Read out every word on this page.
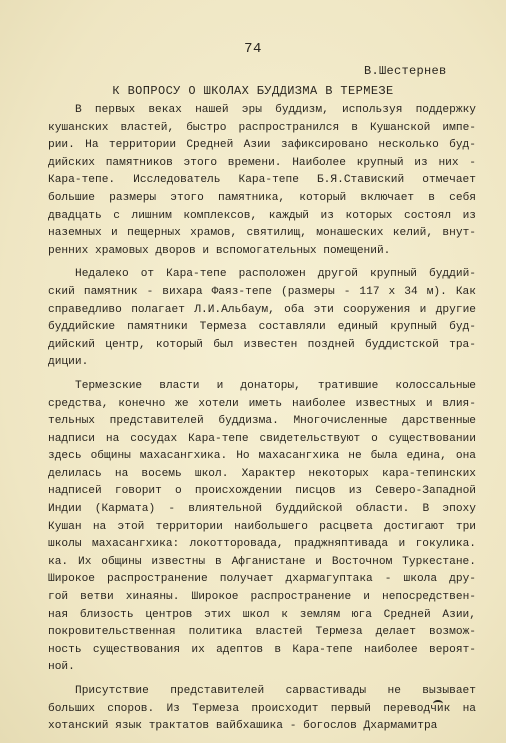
74
В.Шестернев
К ВОПРОСУ О ШКОЛАХ БУДДИЗМА В ТЕРМЕЗЕ
В первых веках нашей эры буддизм, используя поддержку
кушанских властей, быстро распространился в Кушанской импе-
рии. На территории Средней Азии зафиксировано несколько буд-
дийских памятников этого времени. Наиболее крупный из них -
Кара-тепе. Исследователь Кара-тепе Б.Я.Ставиский отмечает
большие размеры этого памятника, который включает в себя
двадцать с лишним комплексов, каждый из которых состоял из
наземных и пещерных храмов, святилищ, монашеских келий, внут-
ренних храмовых дворов и вспомогательных помещений.
Недалеко от Кара-тепе расположен другой крупный буддий-
ский памятник - вихара Фаяз-тепе (размеры - 117 х 34 м). Как
справедливо полагает Л.И.Альбаум, оба эти сооружения и другие
буддийские памятники Термеза составляли единый крупный буд-
дийский центр, который был известен поздней буддистской тра-
диции.
Термезские власти и донаторы, тратившие колоссальные
средства, конечно же хотели иметь наиболее известных и влия-
тельных представителей буддизма. Многочисленные дарственные
надписи на сосудах Кара-тепе свидетельствуют о существовании
здесь общины махасангхика. Но махасангхика не была едина, она
делилась на восемь школ. Характер некоторых кара-тепинских
надписей говорит о происхождении писцов из Северо-Западной
Индии (Кармата) - влиятельной буддийской области. В эпоху
Кушан на этой территории наибольшего расцвета достигают три
школы махасангхика: локотторовада, праджняптивада и гокулика.
ка. Их общины известны в Афганистане и Восточном Туркестане.
Широкое распространение получает дхармагуптака - школа дру-
гой ветви хинаяны. Широкое распространение и непосредствен-
ная близость центров этих школ к землям юга Средней Азии,
покровительственная политика властей Термеза делает возмож-
ность существования их адептов в Кара-тепе наиболее вероят-
ной.
Присутствие представителей сарвастивады не вызывает
больших споров. Из Термеза происходит первый переводчик на
хотанский язык трактатов вайбхашика - богослов Дхармамитра
